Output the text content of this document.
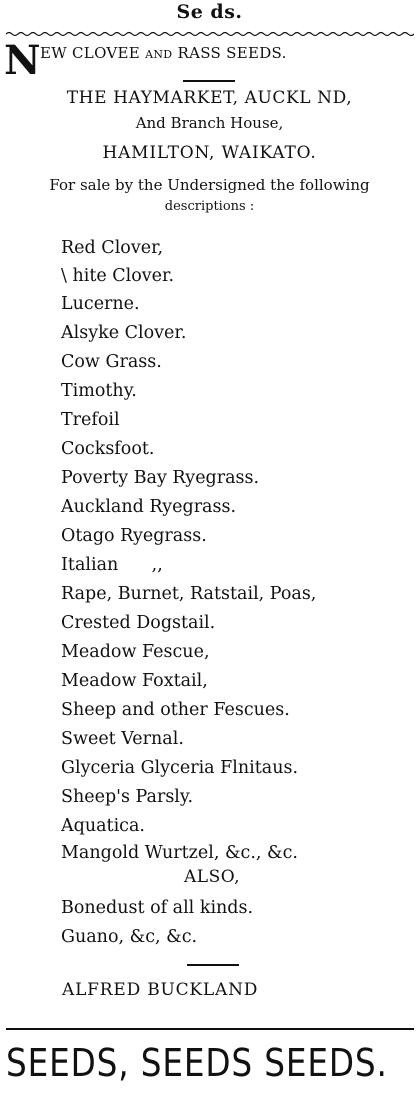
Se ds.
N EW CLOVEE AND RASS SEEDS.
THE HAYMARKET, AUCKL ND,
And Branch House,
HAMILTON, WAIKATO.
For sale by the Undersigned the following
descriptions :
Red Clover,
\ hite Clover.
Lucerne.
Alsyke Clover.
Cow Grass.
Timothy.
Trefoil
Cocksfoot.
Poverty Bay Ryegrass.
Auckland Ryegrass.
Otago Ryegrass.
Italian      ,,
Rape, Burnet, Ratstail, Poas,
Crested Dogstail.
Meadow Fescue,
Meadow Foxtail,
Sheep and other Fescues.
Sweet Vernal.
Glyceria Glyceria Flnitaus.
Sheep's Parsly.
Aquatica.
Mangold Wurtzel, &c., &c.
ALSO,
Bonedust of all kinds.
Guano, &c, &c.
ALFRED BUCKLAND
SEEDS, SEEDS SEEDS.
